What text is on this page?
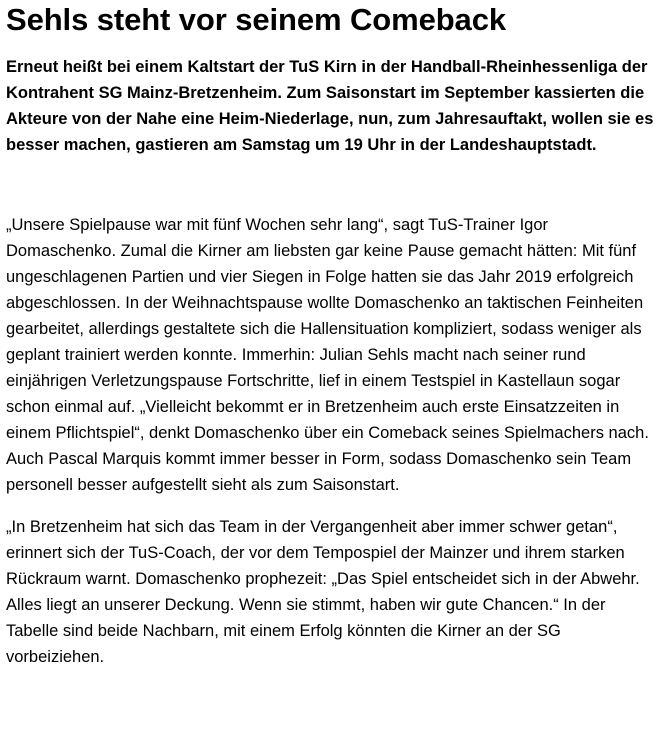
Sehls steht vor seinem Comeback

Erneut heißt bei einem Kaltstart der TuS Kirn in der Handball-Rheinhessenliga der Kontrahent SG Mainz-Bretzenheim. Zum Saisonstart im September kassierten die Akteure von der Nahe eine Heim-Niederlage, nun, zum Jahresauftakt, wollen sie es besser machen, gastieren am Samstag um 19 Uhr in der Landeshauptstadt.

„Unsere Spielpause war mit fünf Wochen sehr lang“, sagt TuS-Trainer Igor Domaschenko. Zumal die Kirner am liebsten gar keine Pause gemacht hätten: Mit fünf ungeschlagenen Partien und vier Siegen in Folge hatten sie das Jahr 2019 erfolgreich abgeschlossen. In der Weihnachtspause wollte Domaschenko an taktischen Feinheiten gearbeitet, allerdings gestaltete sich die Hallensituation kompliziert, sodass weniger als geplant trainiert werden konnte. Immerhin: Julian Sehls macht nach seiner rund einjährigen Verletzungspause Fortschritte, lief in einem Testspiel in Kastellaun sogar schon einmal auf. „Vielleicht bekommt er in Bretzenheim auch erste Einsatzzeiten in einem Pflichtspiel“, denkt Domaschenko über ein Comeback seines Spielmachers nach. Auch Pascal Marquis kommt immer besser in Form, sodass Domaschenko sein Team personell besser aufgestellt sieht als zum Saisonstart.

„In Bretzenheim hat sich das Team in der Vergangenheit aber immer schwer getan“, erinnert sich der TuS-Coach, der vor dem Tempospiel der Mainzer und ihrem starken Rückraum warnt. Domaschenko prophezeit: „Das Spiel entscheidet sich in der Abwehr. Alles liegt an unserer Deckung. Wenn sie stimmt, haben wir gute Chancen.“ In der Tabelle sind beide Nachbarn, mit einem Erfolg könnten die Kirner an der SG vorbeiziehen.
